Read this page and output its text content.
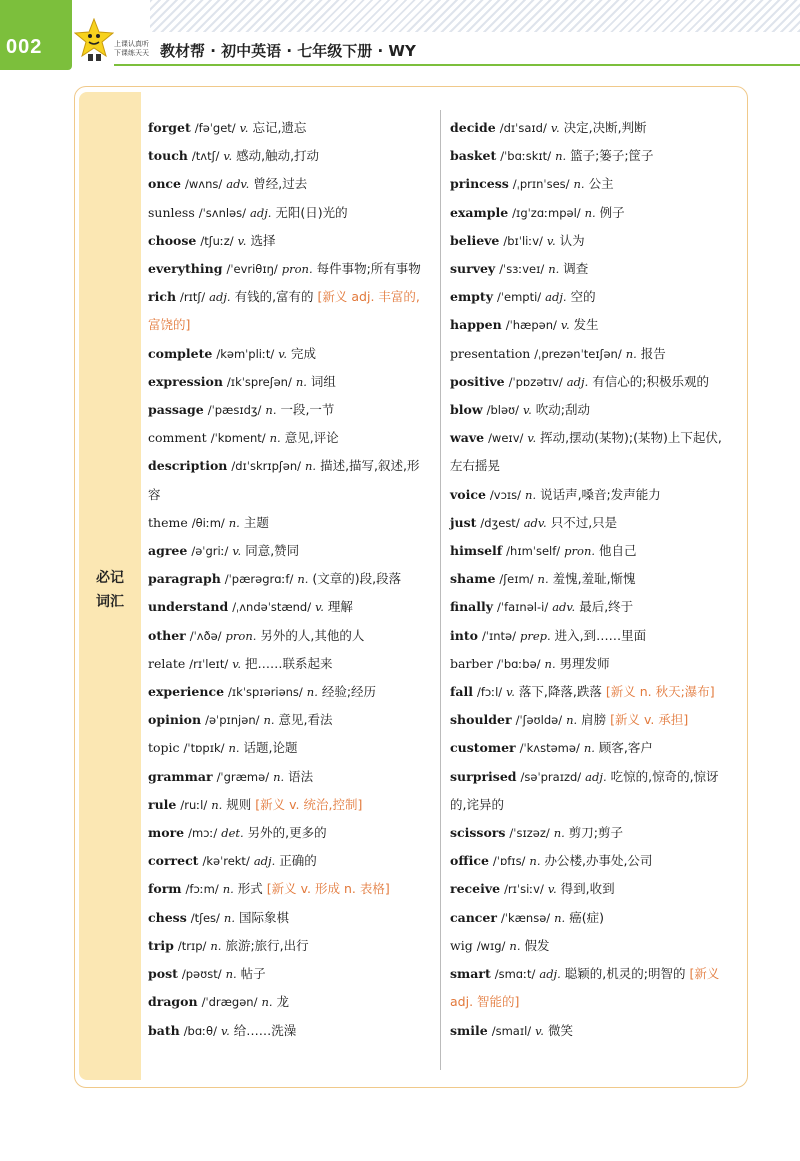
002	上课认真听
下课练天天 教材帮 · 初中英语 · 七年级下册 · WY
必记
词汇

forget /fəˈget/ v. 忘记,遗忘

touch /tʌtʃ/ v. 感动,触动,打动

once /wʌns/ adv. 曾经,过去

sunless /ˈsʌnləs/ adj. 无阳(日)光的

choose /tʃuːz/ v. 选择

everything /ˈevriθɪŋ/ pron. 每件事物;所有事物

rich /rɪtʃ/ adj. 有钱的,富有的 [新义 adj. 丰富的,富饶的]

complete /kəmˈpliːt/ v. 完成

expression /ɪkˈspreʃən/ n. 词组

passage /ˈpæsɪdʒ/ n. 一段,一节

comment /ˈkɒment/ n. 意见,评论

description /dɪˈskrɪpʃən/ n. 描述,描写,叙述,形容

theme /θiːm/ n. 主题

agree /əˈgriː/ v. 同意,赞同

paragraph /ˈpærəgrɑːf/ n. (文章的)段,段落

understand /ˌʌndəˈstænd/ v. 理解

other /ˈʌðə/ pron. 另外的人,其他的人

relate /rɪˈleɪt/ v. 把……联系起来

experience /ɪkˈspɪəriəns/ n. 经验;经历

opinion /əˈpɪnjən/ n. 意见,看法

topic /ˈtɒpɪk/ n. 话题,论题

grammar /ˈgræmə/ n. 语法

rule /ruːl/ n. 规则 [新义 v. 统治,控制]

more /mɔː/ det. 另外的,更多的

correct /kəˈrekt/ adj. 正确的

form /fɔːm/ n. 形式 [新义 v. 形成 n. 表格]

chess /tʃes/ n. 国际象棋

trip /trɪp/ n. 旅游;旅行,出行

post /pəʊst/ n. 帖子

dragon /ˈdrægən/ n. 龙

bath /bɑːθ/ v. 给……洗澡

decide /dɪˈsaɪd/ v. 决定,决断,判断

basket /ˈbɑːskɪt/ n. 篮子;篓子;筐子

princess /ˌprɪnˈses/ n. 公主

example /ɪgˈzɑːmpəl/ n. 例子

believe /bɪˈliːv/ v. 认为

survey /ˈsɜːveɪ/ n. 调查

empty /ˈempti/ adj. 空的

happen /ˈhæpən/ v. 发生

presentation /ˌprezənˈteɪʃən/ n. 报告

positive /ˈpɒzətɪv/ adj. 有信心的;积极乐观的

blow /bləʊ/ v. 吹动;刮动

wave /weɪv/ v. 挥动,摆动(某物);(某物)上下起伏,左右摇晃

voice /vɔɪs/ n. 说话声,嗓音;发声能力

just /dʒest/ adv. 只不过,只是

himself /hɪmˈself/ pron. 他自己

shame /ʃeɪm/ n. 羞愧,羞耻,惭愧

finally /ˈfaɪnəl-i/ adv. 最后,终于

into /ˈɪntə/ prep. 进入,到……里面

barber /ˈbɑːbə/ n. 男理发师

fall /fɔːl/ v. 落下,降落,跌落 [新义 n. 秋天;瀑布]

shoulder /ˈʃəʊldə/ n. 肩膀 [新义 v. 承担]

customer /ˈkʌstəmə/ n. 顾客,客户

surprised /səˈpraɪzd/ adj. 吃惊的,惊奇的,惊讶的,诧异的

scissors /ˈsɪzəz/ n. 剪刀;剪子

office /ˈɒfɪs/ n. 办公楼,办事处,公司

receive /rɪˈsiːv/ v. 得到,收到

cancer /ˈkænsə/ n. 癌(症)

wig /wɪg/ n. 假发

smart /smɑːt/ adj. 聪颖的,机灵的;明智的 [新义 adj. 智能的]

smile /smaɪl/ v. 微笑
